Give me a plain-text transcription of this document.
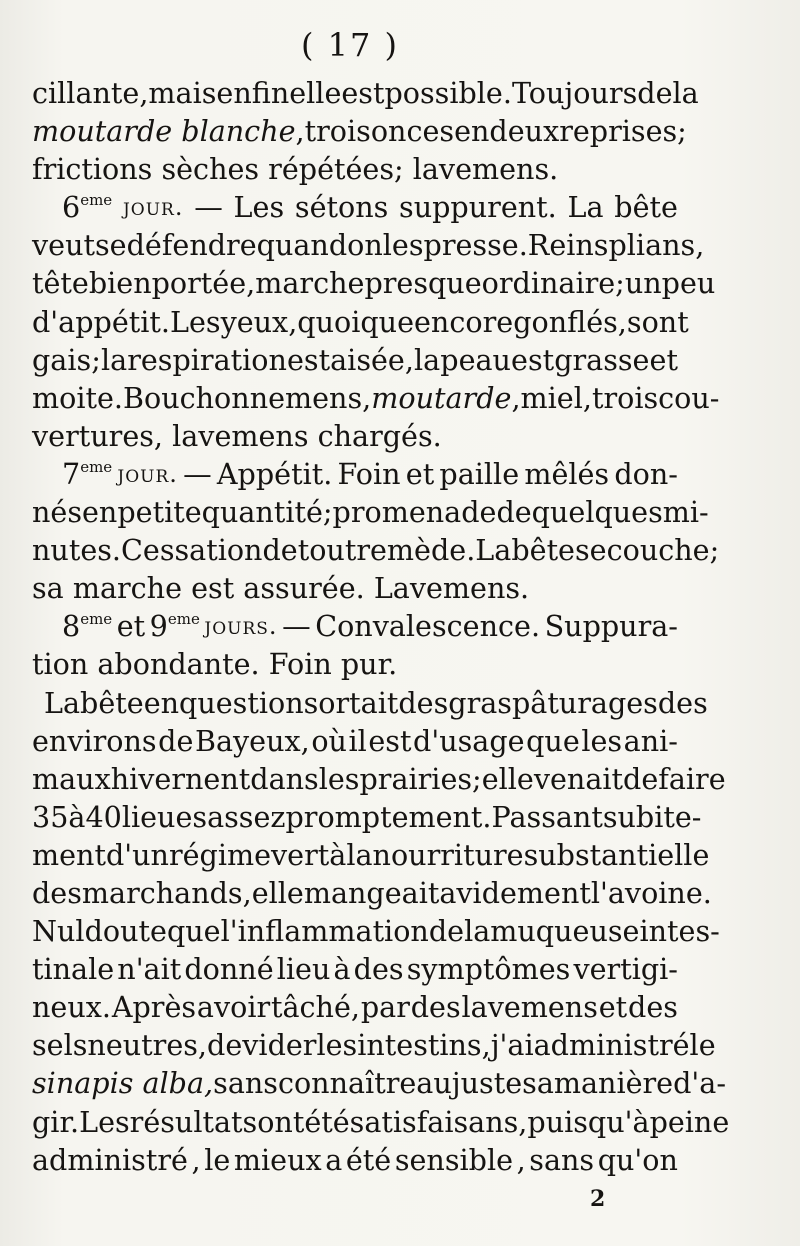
( 17 )
cillante , mais enfin elle est possible. Toujours de la
moutarde blanche , trois onces en deux reprises;
frictions sèches répétées; lavemens.
6eme jour. — Les sétons suppurent. La bête
veut se défendre quand on les presse. Reins plians,
tête bien portée, marche presque ordinaire; un peu
d'appétit. Les yeux , quoique encore gonflés , sont
gais ; la respiration est aisée, la peau est grasse et
moite. Bouchonnemens, moutarde , miel, trois cou-
vertures, lavemens chargés.
7eme jour. — Appétit. Foin et paille mêlés don-
nés en petite quantité; promenade de quelques mi-
nutes. Cessation de tout remède. La bête se couche;
sa marche est assurée. Lavemens.
8eme et 9eme jours. — Convalescence. Suppura-
tion abondante. Foin pur.
La bête en question sortait des gras pâturages des
environs de Bayeux, où il est d'usage que les ani-
maux hivernent dans les prairies; elle venait de faire
35 à 40 lieues assez promptement. Passant subite-
ment d'un régime vert à la nourriture substantielle
des marchands, elle mangeait avidement l'avoine.
Nul doute que l'inflammation de la muqueuse intes-
tinale n'ait donné lieu à des symptômes vertigi-
neux. Après avoir tâché, par des lavemens et des
sels neutres, de vider les intestins, j'ai administré le
sinapis alba, sans connaître au juste sa manière d'a-
gir. Les résultats ont été satisfaisans , puisqu'à peine
administré , le mieux a été sensible , sans qu'on
2
